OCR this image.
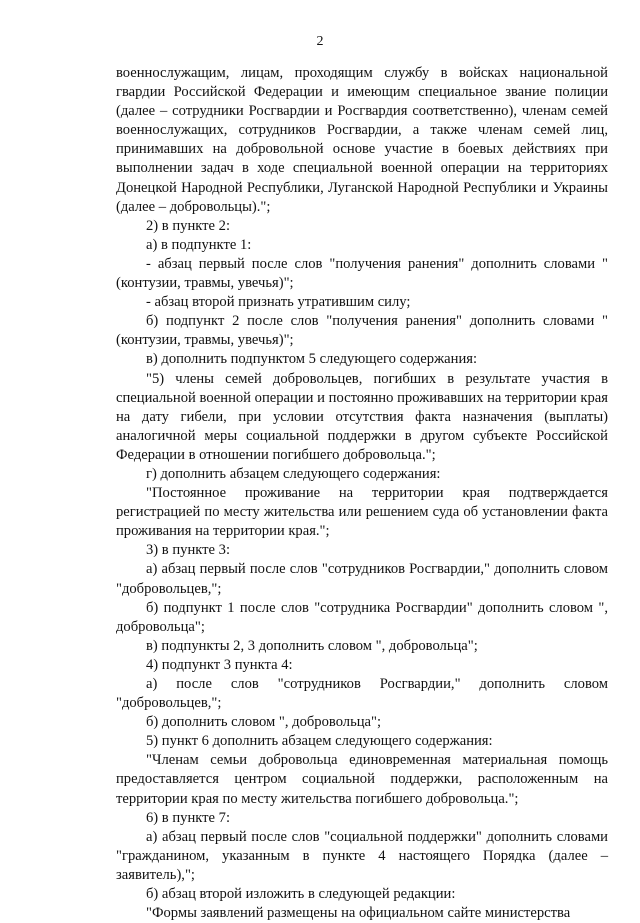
2

военнослужащим, лицам, проходящим службу в войсках национальной гвардии Российской Федерации и имеющим специальное звание полиции (далее – сотрудники Росгвардии и Росгвардия соответственно), членам семей военнослужащих, сотрудников Росгвардии, а также членам семей лиц, принимавших на добровольной основе участие в боевых действиях при выполнении задач в ходе специальной военной операции на территориях Донецкой Народной Республики, Луганской Народной Республики и Украины (далее – добровольцы).";

2) в пункте 2:

а) в подпункте 1:

- абзац первый после слов "получения ранения" дополнить словами "(контузии, травмы, увечья)";

- абзац второй признать утратившим силу;

б) подпункт 2 после слов "получения ранения" дополнить словами "(контузии, травмы, увечья)";

в) дополнить подпунктом 5 следующего содержания:

"5) члены семей добровольцев, погибших в результате участия в специальной военной операции и постоянно проживавших на территории края на дату гибели, при условии отсутствия факта назначения (выплаты) аналогичной меры социальной поддержки в другом субъекте Российской Федерации в отношении погибшего добровольца.";

г) дополнить абзацем следующего содержания:

"Постоянное проживание на территории края подтверждается регистрацией по месту жительства или решением суда об установлении факта проживания на территории края.";

3) в пункте 3:

а) абзац первый после слов "сотрудников Росгвардии," дополнить словом "добровольцев,";

б) подпункт 1 после слов "сотрудника Росгвардии" дополнить словом ", добровольца";

в) подпункты 2, 3 дополнить словом ", добровольца";

4) подпункт 3 пункта 4:

а) после слов "сотрудников Росгвардии," дополнить словом "добровольцев,";

б) дополнить словом ", добровольца";

5) пункт 6 дополнить абзацем следующего содержания:

"Членам семьи добровольца единовременная материальная помощь предоставляется центром социальной поддержки, расположенным на территории края по месту жительства погибшего добровольца.";

6) в пункте 7:

а) абзац первый после слов "социальной поддержки" дополнить словами "гражданином, указанным в пункте 4 настоящего Порядка (далее – заявитель),";

б) абзац второй изложить в следующей редакции:

"Формы заявлений размещены на официальном сайте министерства
